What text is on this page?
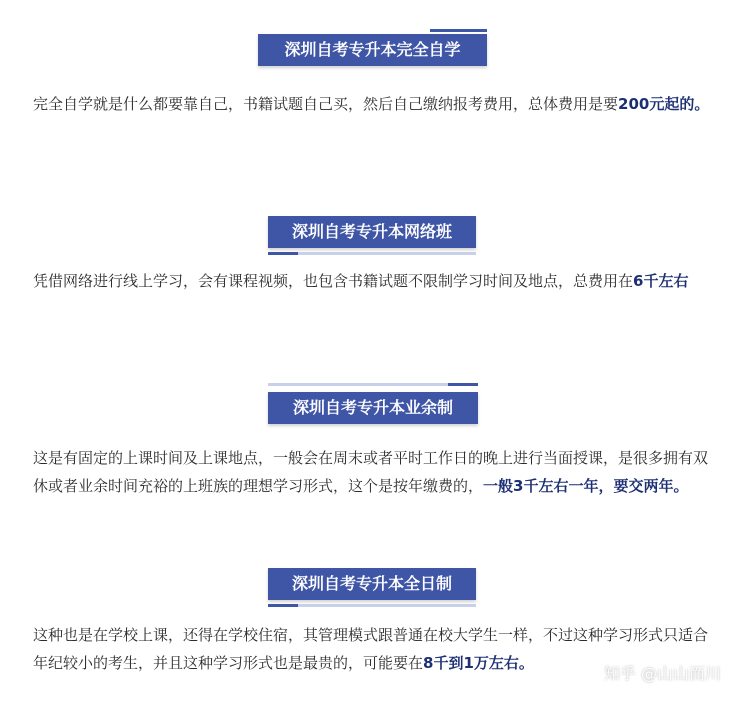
深圳自考专升本完全自学

完全自学就是什么都要靠自己，书籍试题自己买，然后自己缴纳报考费用，总体费用是要200元起的。

深圳自考专升本网络班

凭借网络进行线上学习，会有课程视频，也包含书籍试题不限制学习时间及地点，总费用在6千左右

深圳自考专升本业余制

这是有固定的上课时间及上课地点，一般会在周末或者平时工作日的晚上进行当面授课，是很多拥有双休或者业余时间充裕的上班族的理想学习形式，这个是按年缴费的，一般3千左右一年，要交两年。

深圳自考专升本全日制

这种也是在学校上课，还得在学校住宿，其管理模式跟普通在校大学生一样，不过这种学习形式只适合年纪较小的考生，并且这种学习形式也是最贵的，可能要在8千到1万左右。

知乎 @山山而川
